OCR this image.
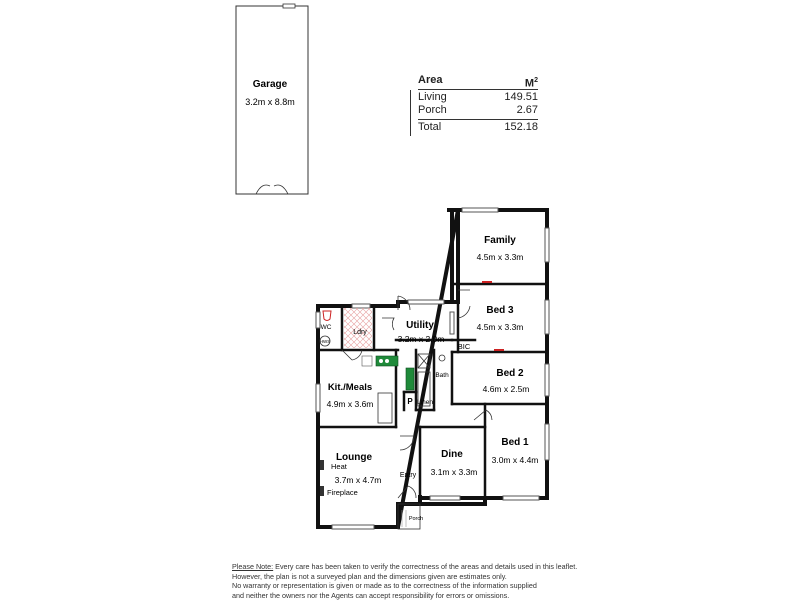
Garage
3.2m x 8.8m
Family
4.5m x 3.3m
Bed 3
4.5m x 3.3m
BIC
Utility
3.2m x 2.0m
Ldry
WC
HWS
Bath	Bed 2
4.6m x 2.5m
Kit./Meals
4.9m x 3.6m	P Linen
Lounge
3.7m x 4.7m
Heat
Fireplace
Entry
Dine
3.1m x 3.3m
Bed 1
3.0m x 4.4m
Porch
Area	$M^2$
Living	149.51
Porch	2.67
Total	152.18
Please Note: Every care has been taken to verify the correctness of the areas and details used in this leaflet.
However, the plan is not a surveyed plan and the dimensions given are estimates only.
No warranty or representation is given or made as to the correctness of the information supplied
and neither the owners nor the Agents can accept responsibility for errors or omissions.
